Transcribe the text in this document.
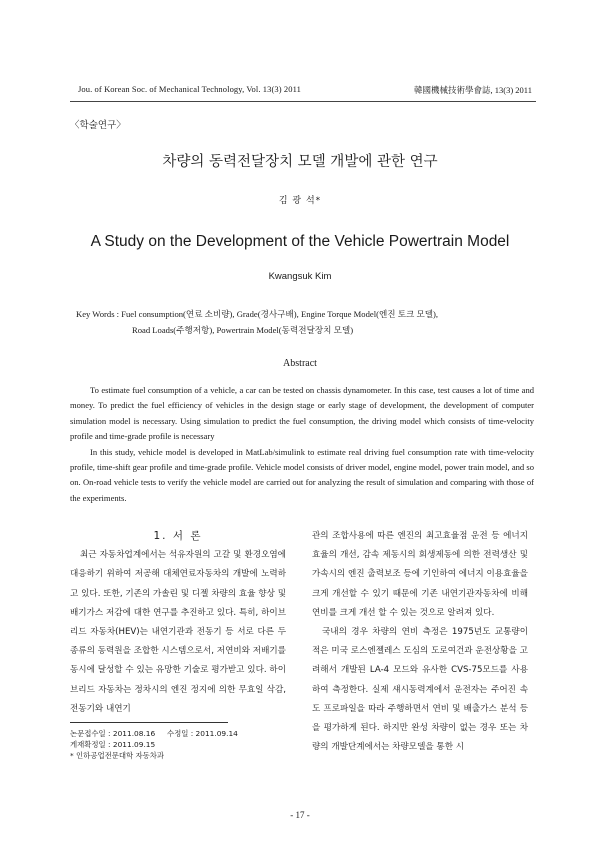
Jou. of Korean Soc. of Mechanical Technology, Vol. 13(3) 2011	韓國機械技術學會誌, 13(3) 2011
〈학술연구〉
차량의 동력전달장치 모델 개발에 관한 연구
김 광 석*
A Study on the Development of the Vehicle Powertrain Model
Kwangsuk Kim
Key Words : Fuel consumption(연료 소비량), Grade(경사구배), Engine Torque Model(엔진 토크 모델),
Road Loads(주행저항), Powertrain Model(동력전달장치 모델)
Abstract

To estimate fuel consumption of a vehicle, a car can be tested on chassis dynamometer. In this case, test causes a lot of time and money. To predict the fuel efficiency of vehicles in the design stage or early stage of development, the development of computer simulation model is necessary. Using simulation to predict the fuel consumption, the driving model which consists of time-velocity profile and time-grade profile is necessary

In this study, vehicle model is developed in MatLab/simulink to estimate real driving fuel consumption rate with time-velocity profile, time-shift gear profile and time-grade profile. Vehicle model consists of driver model, engine model, power train model, and so on. On-road vehicle tests to verify the vehicle model are carried out for analyzing the result of simulation and comparing with those of the experiments.

1. 서 론

최근 자동차업계에서는 석유자원의 고갈 및 환경오염에 대응하기 위하여 저공해 대체연료자동차의 개발에 노력하고 있다. 또한, 기존의 가솔린 및 디젤 차량의 효율 향상 및 배기가스 저감에 대한 연구를 추진하고 있다. 특히, 하이브리드 자동차(HEV)는 내연기관과 전동기 등 서로 다른 두 종류의 동력원을 조합한 시스템으로서, 저연비와 저배기를 동시에 달성할 수 있는 유망한 기술로 평가받고 있다. 하이브리드 자동차는 정차시의 엔진 정지에 의한 무효일 삭감, 전동기와 내연기

관의 조합사용에 따른 엔진의 최고효율점 운전 등 에너지 효율의 개선, 감속 제동시의 회생제동에 의한 전력생산 및 가속시의 엔진 출력보조 등에 기인하여 에너지 이용효율을 크게 개선할 수 있기 때문에 기존 내연기관자동차에 비해 연비를 크게 개선 할 수 있는 것으로 알려져 있다.

국내의 경우 차량의 연비 측정은 1975년도 교통량이 적은 미국 로스엔젤레스 도심의 도로여건과 운전상황을 고려해서 개발된 LA-4 모드와 유사한 CVS-75모드를 사용하여 측정한다. 실제 섀시동력계에서 운전자는 주어진 속도 프로파일을 따라 주행하면서 연비 및 배출가스 분석 등을 평가하게 된다. 하지만 완성 차량이 없는 경우 또는 차량의 개발단계에서는 차량모델을 통한 시

논문접수일 : 2011.08.16     수정일 : 2011.09.14
게재확정일 : 2011.09.15
* 인하공업전문대학 자동차과
- 17 -
